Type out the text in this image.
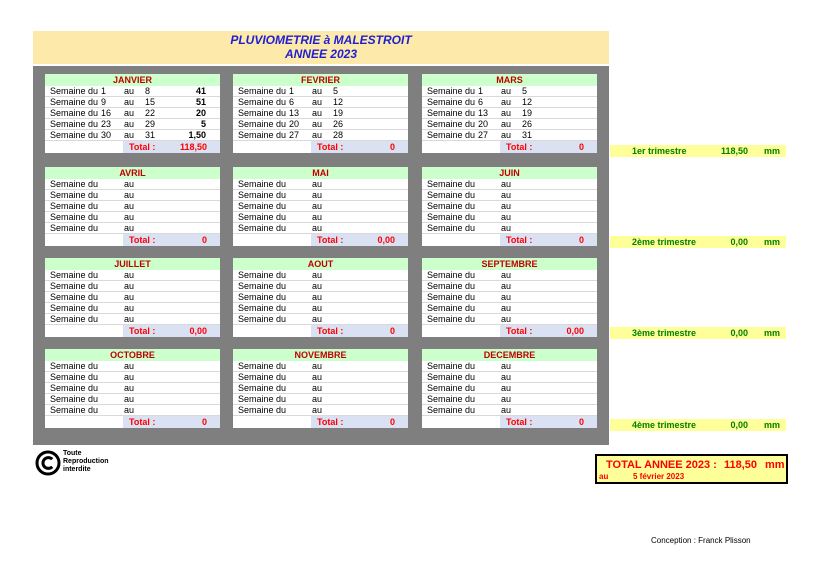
PLUVIOMETRIE à MALESTROIT
ANNEE 2023
JANVIER
Semaine du 1 au 8	41
Semaine du 9 au 15	51
Semaine du 16 au 22	20
Semaine du 23 au 29	5
Semaine du 30 au 31	1,50
Total :	118,50
FEVRIER
Semaine du 1 au 5
Semaine du 6 au 12
Semaine du 13 au 19
Semaine du 20 au 26
Semaine du 27 au 28
Total :	0
MARS
Semaine du 1 au 5
Semaine du 6 au 12
Semaine du 13 au 19
Semaine du 20 au 26
Semaine du 27 au 31
Total :	0
AVRIL
Semaine du	au
Semaine du	au
Semaine du	au
Semaine du	au
Semaine du	au
Total :	0
MAI
Semaine du	au
Semaine du	au
Semaine du	au
Semaine du	au
Semaine du	au
Total :	0,00
JUIN
Semaine du	au
Semaine du	au
Semaine du	au
Semaine du	au
Semaine du	au
Total :	0
JUILLET
Semaine du	au
Semaine du	au
Semaine du	au
Semaine du	au
Semaine du	au
Total :	0,00
AOUT
Semaine du	au
Semaine du	au
Semaine du	au
Semaine du	au
Semaine du	au
Total :	0
SEPTEMBRE
Semaine du	au
Semaine du	au
Semaine du	au
Semaine du	au
Semaine du	au
Total :	0,00
OCTOBRE
Semaine du	au
Semaine du	au
Semaine du	au
Semaine du	au
Semaine du	au
Total :	0
NOVEMBRE
Semaine du	au
Semaine du	au
Semaine du	au
Semaine du	au
Semaine du	au
Total :	0
DECEMBRE
Semaine du	au
Semaine du	au
Semaine du	au
Semaine du	au
Semaine du	au
Total :	0
1er trimestre	118,50 mm
2ème trimestre	0,00 mm
3ème trimestre	0,00 mm
4ème trimestre	0,00 mm
Toute
Reproduction
interdite	TOTAL ANNEE 2023 : 118,50 mm
au	5 février 2023
Conception : Franck Plisson
